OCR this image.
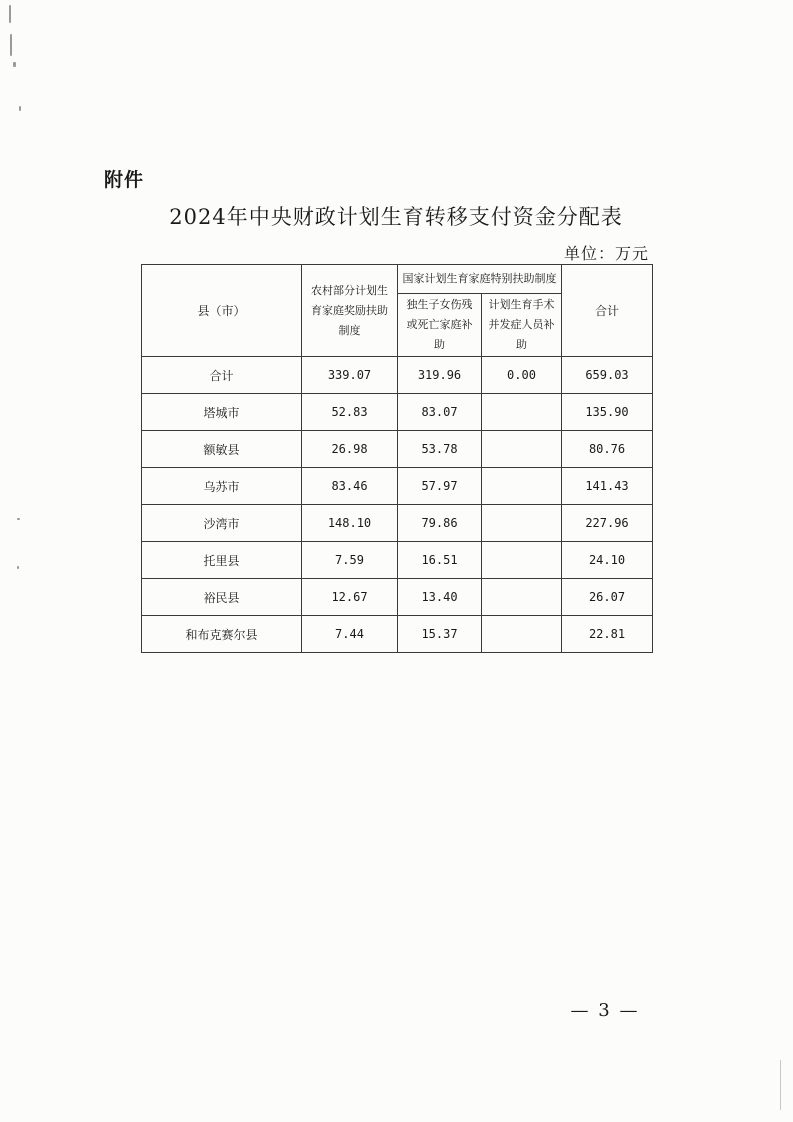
附件
2024年中央财政计划生育转移支付资金分配表
单位：万元
县（市）	农村部分计划生育家庭奖励扶助制度	国家计划生育家庭特别扶助制度		合计
		独生子女伤残或死亡家庭补助	计划生育手术并发症人员补助	
合计	339.07	319.96	0.00	659.03
塔城市	52.83	83.07		135.90
额敏县	26.98	53.78		80.76
乌苏市	83.46	57.97		141.43
沙湾市	148.10	79.86		227.96
托里县	7.59	16.51		24.10
裕民县	12.67	13.40		26.07
和布克赛尔县	7.44	15.37		22.81
— 3 —
